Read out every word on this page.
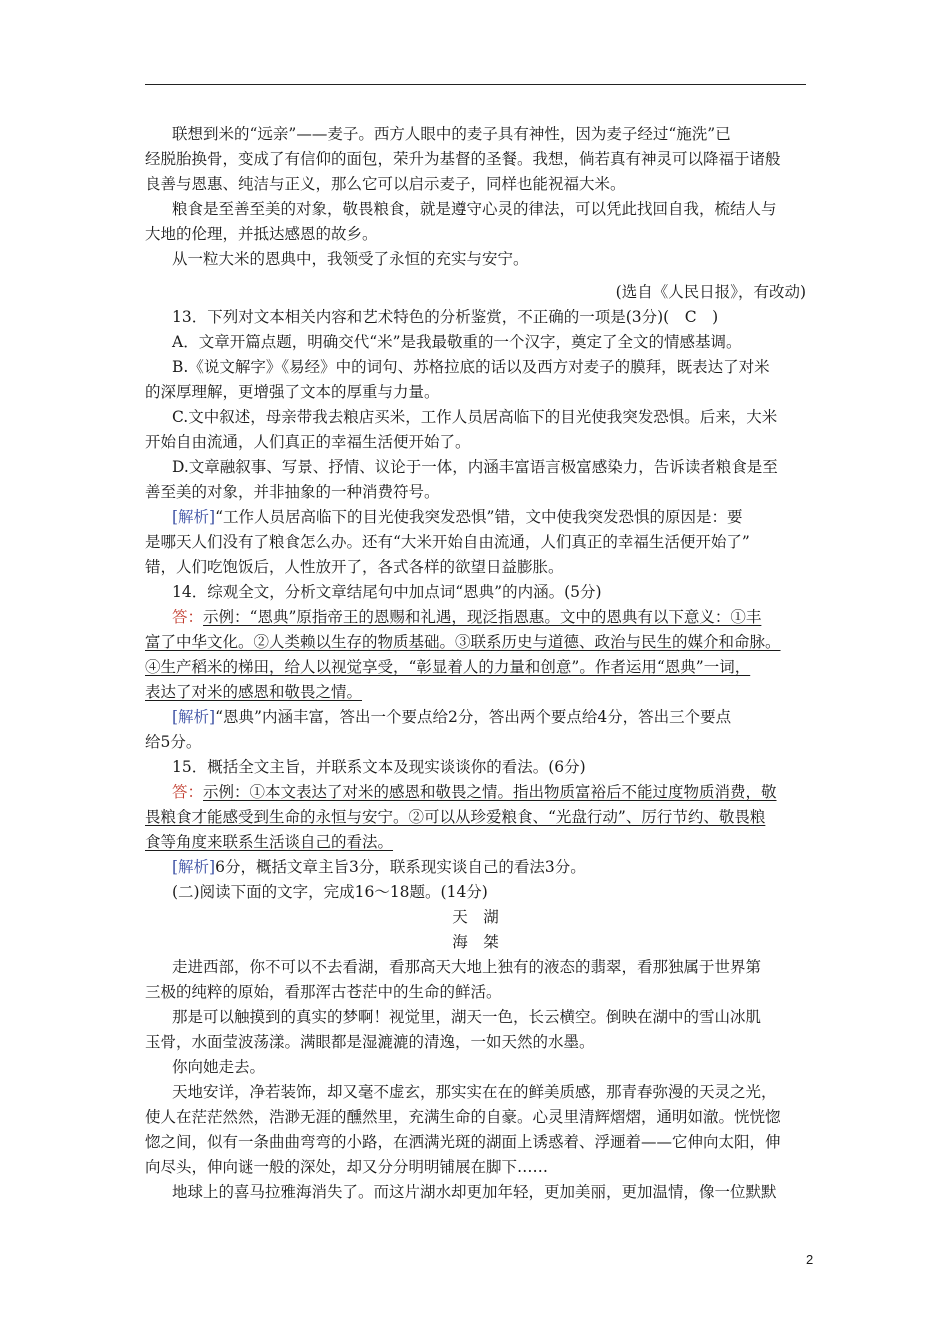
联想到米的“远亲”——麦子。西方人眼中的麦子具有神性，因为麦子经过“施洗”已
经脱胎换骨，变成了有信仰的面包，荣升为基督的圣餐。我想，倘若真有神灵可以降福于诸般
良善与恩惠、纯洁与正义，那么它可以启示麦子，同样也能祝福大米。
粮食是至善至美的对象，敬畏粮食，就是遵守心灵的律法，可以凭此找回自我，梳结人与
大地的伦理，并抵达感恩的故乡。
从一粒大米的恩典中，我领受了永恒的充实与安宁。
(选自《人民日报》，有改动)
13．下列对文本相关内容和艺术特色的分析鉴赏，不正确的一项是(3分)(　C　)
A．文章开篇点题，明确交代“米”是我最敬重的一个汉字，奠定了全文的情感基调。
B.《说文解字》《易经》中的词句、苏格拉底的话以及西方对麦子的膜拜，既表达了对米
的深厚理解，更增强了文本的厚重与力量。
C.文中叙述，母亲带我去粮店买米，工作人员居高临下的目光使我突发恐惧。后来，大米
开始自由流通，人们真正的幸福生活便开始了。
D.文章融叙事、写景、抒情、议论于一体，内涵丰富语言极富感染力，告诉读者粮食是至
善至美的对象，并非抽象的一种消费符号。
[解析]“工作人员居高临下的目光使我突发恐惧”错，文中使我突发恐惧的原因是：要
是哪天人们没有了粮食怎么办。还有“大米开始自由流通，人们真正的幸福生活便开始了”
错，人们吃饱饭后，人性放开了，各式各样的欲望日益膨胀。
14．综观全文，分析文章结尾句中加点词“恩典”的内涵。(5分)
答：示例：“恩典”原指帝王的恩赐和礼遇，现泛指恩惠。文中的恩典有以下意义：①丰
富了中华文化。②人类赖以生存的物质基础。③联系历史与道德、政治与民生的媒介和命脉。
④生产稻米的梯田，给人以视觉享受，“彰显着人的力量和创意”。作者运用“恩典”一词，
表达了对米的感恩和敬畏之情。
[解析]“恩典”内涵丰富，答出一个要点给2分，答出两个要点给4分，答出三个要点
给5分。
15．概括全文主旨，并联系文本及现实谈谈你的看法。(6分)
答：示例：①本文表达了对米的感恩和敬畏之情。指出物质富裕后不能过度物质消费，敬
畏粮食才能感受到生命的永恒与安宁。②可以从珍爱粮食、“光盘行动”、厉行节约、敬畏粮
食等角度来联系生活谈自己的看法。
[解析]6分，概括文章主旨3分，联系现实谈自己的看法3分。
(二)阅读下面的文字，完成16～18题。(14分)
天　湖
海　桀
走进西部，你不可以不去看湖，看那高天大地上独有的液态的翡翠，看那独属于世界第
三极的纯粹的原始，看那浑古苍茫中的生命的鲜活。
那是可以触摸到的真实的梦啊！视觉里，湖天一色，长云横空。倒映在湖中的雪山冰肌
玉骨，水面莹波荡漾。满眼都是湿漉漉的清逸，一如天然的水墨。
你向她走去。
天地安详，净若装饰，却又毫不虚玄，那实实在在的鲜美质感，那青春弥漫的天灵之光，
使人在茫茫然然，浩渺无涯的醺然里，充满生命的自豪。心灵里清辉熠熠，通明如澈。恍恍惚
惚之间，似有一条曲曲弯弯的小路，在洒满光斑的湖面上诱惑着、浮逦着——它伸向太阳，伸
向尽头，伸向谜一般的深处，却又分分明明铺展在脚下……
地球上的喜马拉雅海消失了。而这片湖水却更加年轻，更加美丽，更加温情，像一位默默
2
